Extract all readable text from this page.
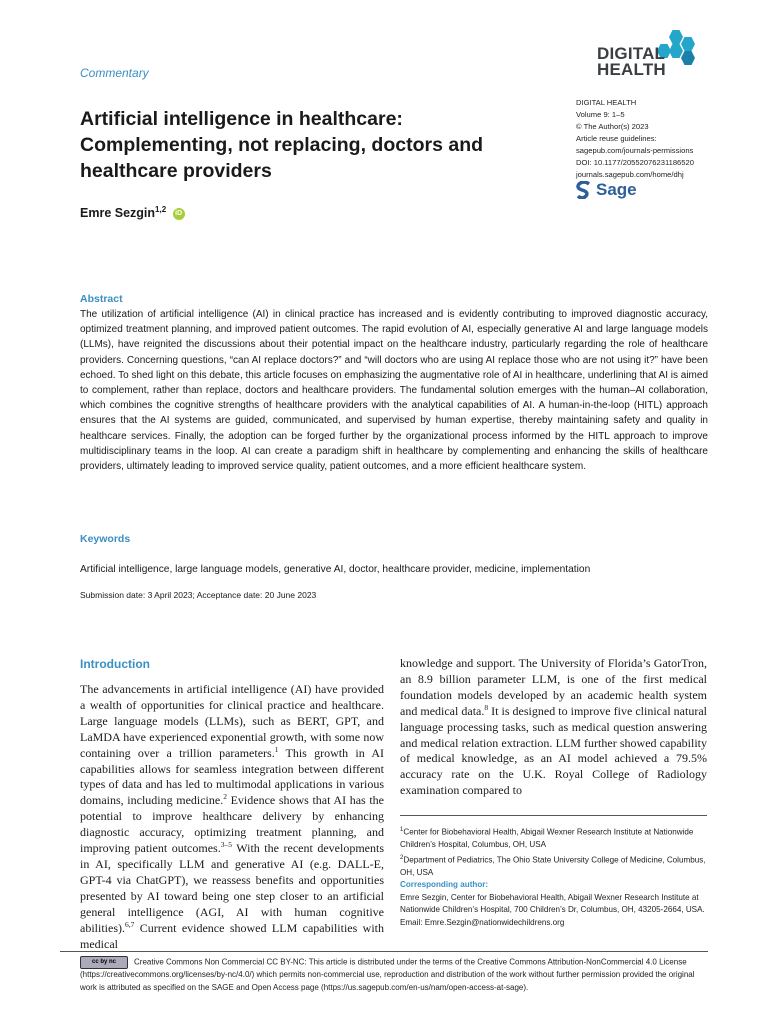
Commentary
DIGITAL
HEALTH
Artificial intelligence in healthcare: Complementing, not replacing, doctors and healthcare providers
DIGITAL HEALTH
Volume 9: 1–5
© The Author(s) 2023
Article reuse guidelines:
sagepub.com/journals-permissions
DOI: 10.1177/20552076231186520
journals.sagepub.com/home/dhj
Sage
Emre Sezgin$^{1,2}$ iD
Abstract
The utilization of artificial intelligence (AI) in clinical practice has increased and is evidently contributing to improved diagnostic accuracy, optimized treatment planning, and improved patient outcomes. The rapid evolution of AI, especially generative AI and large language models (LLMs), have reignited the discussions about their potential impact on the healthcare industry, particularly regarding the role of healthcare providers. Concerning questions, “can AI replace doctors?” and “will doctors who are using AI replace those who are not using it?” have been echoed. To shed light on this debate, this article focuses on emphasizing the augmentative role of AI in healthcare, underlining that AI is aimed to complement, rather than replace, doctors and healthcare providers. The fundamental solution emerges with the human–AI collaboration, which combines the cognitive strengths of healthcare providers with the analytical capabilities of AI. A human-in-the-loop (HITL) approach ensures that the AI systems are guided, communicated, and supervised by human expertise, thereby maintaining safety and quality in healthcare services. Finally, the adoption can be forged further by the organizational process informed by the HITL approach to improve multidisciplinary teams in the loop. AI can create a paradigm shift in healthcare by complementing and enhancing the skills of healthcare providers, ultimately leading to improved service quality, patient outcomes, and a more efficient healthcare system.
Keywords
Artificial intelligence, large language models, generative AI, doctor, healthcare provider, medicine, implementation
Submission date: 3 April 2023; Acceptance date: 20 June 2023
Introduction
The advancements in artificial intelligence (AI) have provided a wealth of opportunities for clinical practice and healthcare. Large language models (LLMs), such as BERT, GPT, and LaMDA have experienced exponential growth, with some now containing over a trillion parameters.$^1$ This growth in AI capabilities allows for seamless integration between different types of data and has led to multimodal applications in various domains, including medicine.$^2$ Evidence shows that AI has the potential to improve healthcare delivery by enhancing diagnostic accuracy, optimizing treatment planning, and improving patient outcomes.$^{3-5}$ With the recent developments in AI, specifically LLM and generative AI (e.g. DALL-E, GPT-4 via ChatGPT), we reassess benefits and opportunities presented by AI toward being one step closer to an artificial general intelligence (AGI, AI with human cognitive abilities).$^{6,7}$ Current evidence showed LLM capabilities with medical
knowledge and support. The University of Florida’s GatorTron, an 8.9 billion parameter LLM, is one of the first medical foundation models developed by an academic health system and medical data.$^8$ It is designed to improve five clinical natural language processing tasks, such as medical question answering and medical relation extraction. LLM further showed capability of medical knowledge, as an AI model achieved a 79.5% accuracy rate on the U.K. Royal College of Radiology examination compared to
$^1$Center for Biobehavioral Health, Abigail Wexner Research Institute at Nationwide Children’s Hospital, Columbus, OH, USA
$^2$Department of Pediatrics, The Ohio State University College of Medicine, Columbus, OH, USA
Corresponding author:
Emre Sezgin, Center for Biobehavioral Health, Abigail Wexner Research Institute at Nationwide Children’s Hospital, 700 Children’s Dr, Columbus, OH, 43205-2664, USA.
Email: Emre.Sezgin@nationwidechildrens.org
cc by nc Creative Commons Non Commercial CC BY-NC: This article is distributed under the terms of the Creative Commons Attribution-NonCommercial 4.0 License (https://creativecommons.org/licenses/by-nc/4.0/) which permits non-commercial use, reproduction and distribution of the work without further permission provided the original work is attributed as specified on the SAGE and Open Access page (https://us.sagepub.com/en-us/nam/open-access-at-sage).
